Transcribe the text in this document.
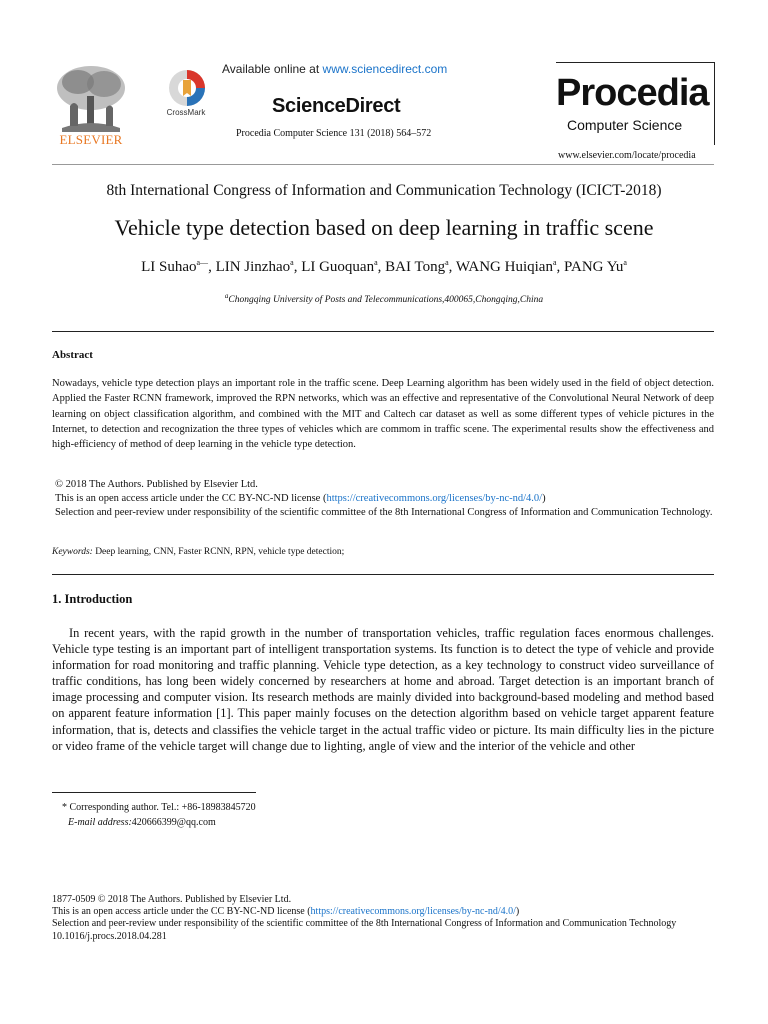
ELSEVIER
CrossMark
Available online at www.sciencedirect.com
ScienceDirect
Procedia Computer Science 131 (2018) 564–572
Procedia
Computer Science
www.elsevier.com/locate/procedia
8th International Congress of Information and Communication Technology (ICICT-2018)
Vehicle type detection based on deep learning in traffic scene
LI Suhao$^{a—}$, LIN Jinzhao$^a$, LI Guoquan$^a$, BAI Tong$^a$, WANG Huiqian$^a$, PANG Yu$^a$
$^a$Chongqing University of Posts and Telecommunications,400065,Chongqing,China
Abstract
Nowadays, vehicle type detection plays an important role in the traffic scene. Deep Learning algorithm has been widely used in the field of object detection. Applied the Faster RCNN framework, improved the RPN networks, which was an effective and representative of the Convolutional Neural Network of deep learning on object classification algorithm, and combined with the MIT and Caltech car dataset as well as some different types of vehicle pictures in the Internet, to detection and recognization the three types of vehicles which are commom in traffic scene. The experimental results show the effectiveness and high-efficiency of method of deep learning in the vehicle type detection.
© 2018 The Authors. Published by Elsevier Ltd.
This is an open access article under the CC BY-NC-ND license (https://creativecommons.org/licenses/by-nc-nd/4.0/)
Selection and peer-review under responsibility of the scientific committee of the 8th International Congress of Information and Communication Technology.
Keywords: Deep learning, CNN, Faster RCNN, RPN, vehicle type detection;
1. Introduction
In recent years, with the rapid growth in the number of transportation vehicles, traffic regulation faces enormous challenges. Vehicle type testing is an important part of intelligent transportation systems. Its function is to detect the type of vehicle and provide information for road monitoring and traffic planning. Vehicle type detection, as a key technology to construct video surveillance of traffic conditions, has long been widely concerned by researchers at home and abroad. Target detection is an important branch of image processing and computer vision. Its research methods are mainly divided into background-based modeling and method based on apparent feature information [1]. This paper mainly focuses on the detection algorithm based on vehicle target apparent feature information, that is, detects and classifies the vehicle target in the actual traffic video or picture. Its main difficulty lies in the picture or video frame of the vehicle target will change due to lighting, angle of view and the interior of the vehicle and other
* Corresponding author. Tel.: +86-18983845720
E-mail address:420666399@qq.com
1877-0509 © 2018 The Authors. Published by Elsevier Ltd.
This is an open access article under the CC BY-NC-ND license (https://creativecommons.org/licenses/by-nc-nd/4.0/)
Selection and peer-review under responsibility of the scientific committee of the 8th International Congress of Information and Communication Technology
10.1016/j.procs.2018.04.281
